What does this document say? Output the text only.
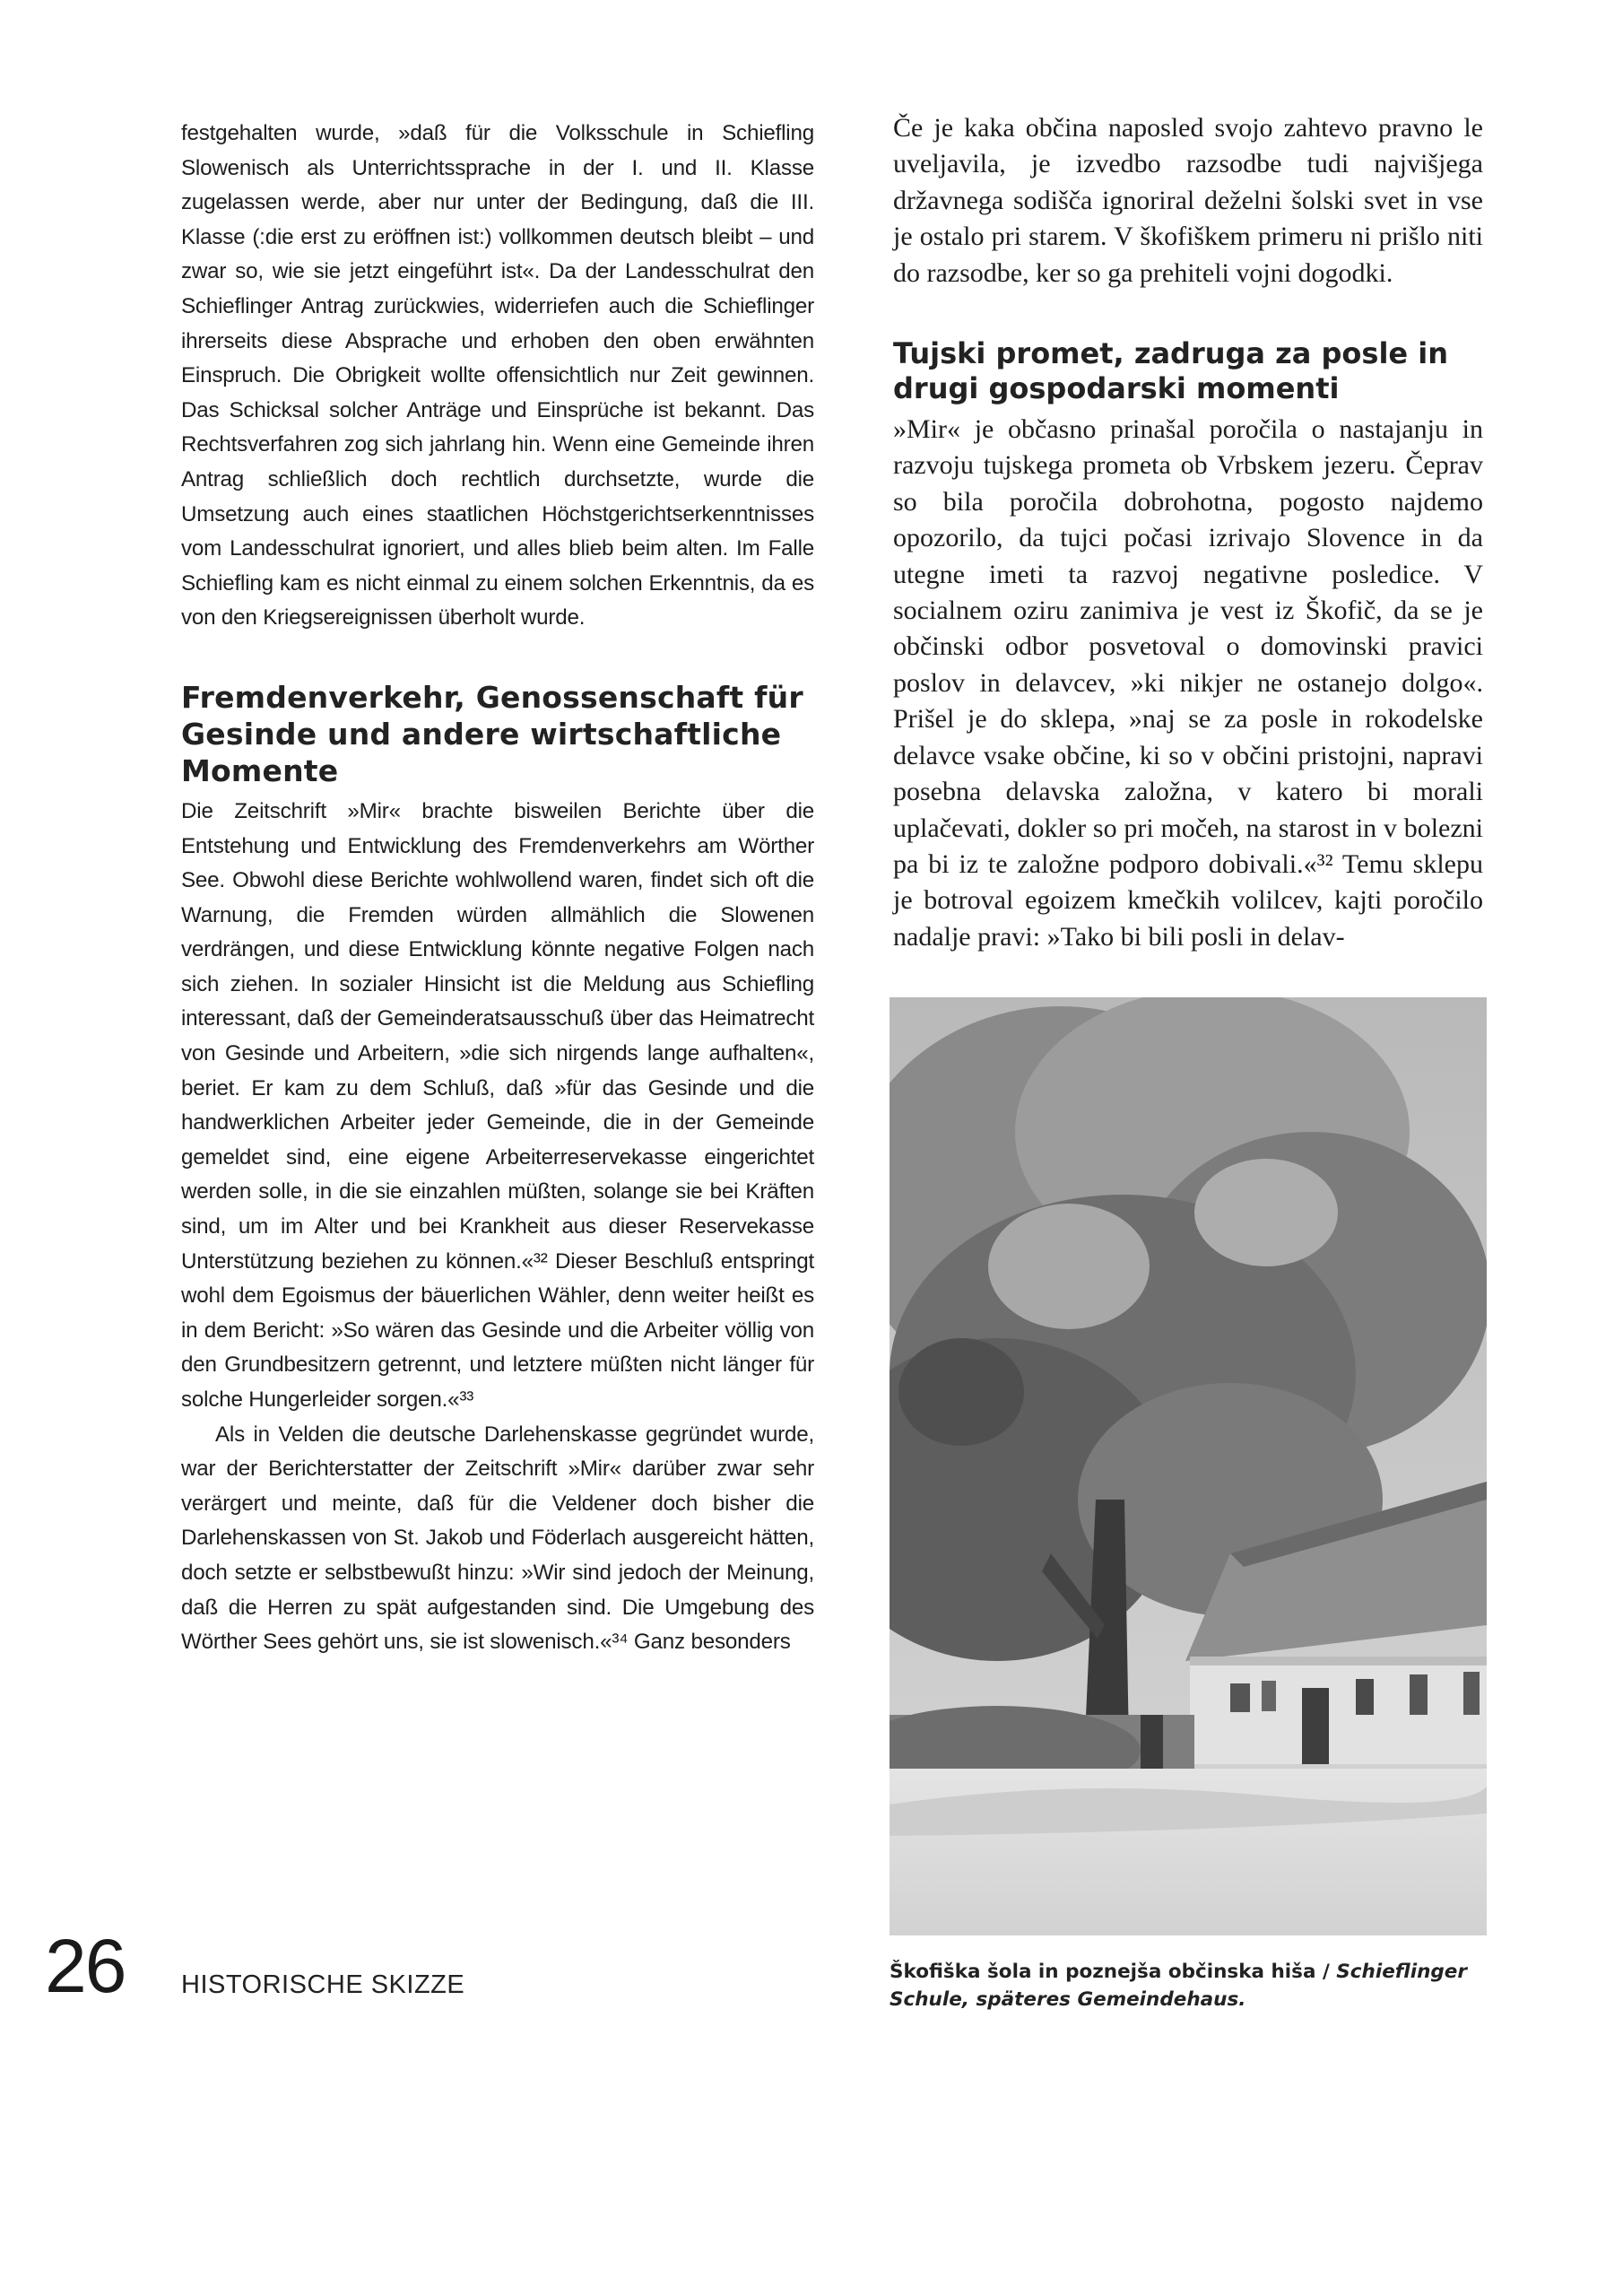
festgehalten wurde, »daß für die Volksschule in Schiefling Slowenisch als Unterrichtssprache in der I. und II. Klasse zugelassen werde, aber nur unter der Bedingung, daß die III. Klasse (:die erst zu eröffnen ist:) vollkommen deutsch bleibt – und zwar so, wie sie jetzt eingeführt ist«. Da der Landesschulrat den Schieflinger Antrag zurückwies, widerriefen auch die Schieflinger ihrerseits diese Absprache und erhoben den oben erwähnten Einspruch. Die Obrigkeit wollte offensichtlich nur Zeit gewinnen. Das Schicksal solcher Anträge und Einsprüche ist bekannt. Das Rechtsverfahren zog sich jahrlang hin. Wenn eine Gemeinde ihren Antrag schließlich doch rechtlich durchsetzte, wurde die Umsetzung auch eines staatlichen Höchstgerichtserkenntnisses vom Landesschulrat ignoriert, und alles blieb beim alten. Im Falle Schiefling kam es nicht einmal zu einem solchen Erkenntnis, da es von den Kriegsereignissen überholt wurde.

Fremdenverkehr, Genossenschaft für Gesinde und andere wirtschaftliche Momente

Die Zeitschrift »Mir« brachte bisweilen Berichte über die Entstehung und Entwicklung des Fremdenverkehrs am Wörther See. Obwohl diese Berichte wohlwollend waren, findet sich oft die Warnung, die Fremden würden allmählich die Slowenen verdrängen, und diese Entwicklung könnte negative Folgen nach sich ziehen. In sozialer Hinsicht ist die Meldung aus Schiefling interessant, daß der Gemeinderatsausschuß über das Heimatrecht von Gesinde und Arbeitern, »die sich nirgends lange aufhalten«, beriet. Er kam zu dem Schluß, daß »für das Gesinde und die handwerklichen Arbeiter jeder Gemeinde, die in der Gemeinde gemeldet sind, eine eigene Arbeiterreservekasse eingerichtet werden solle, in die sie einzahlen müßten, solange sie bei Kräften sind, um im Alter und bei Krankheit aus dieser Reservekasse Unterstützung beziehen zu können.«³² Dieser Beschluß entspringt wohl dem Egoismus der bäuerlichen Wähler, denn weiter heißt es in dem Bericht: »So wären das Gesinde und die Arbeiter völlig von den Grundbesitzern getrennt, und letztere müßten nicht länger für solche Hungerleider sorgen.«³³

Als in Velden die deutsche Darlehenskasse gegründet wurde, war der Berichterstatter der Zeitschrift »Mir« darüber zwar sehr verärgert und meinte, daß für die Veldener doch bisher die Darlehenskassen von St. Jakob und Föderlach ausgereicht hätten, doch setzte er selbstbewußt hinzu: »Wir sind jedoch der Meinung, daß die Herren zu spät aufgestanden sind. Die Umgebung des Wörther Sees gehört uns, sie ist slowenisch.«³⁴ Ganz besonders

Če je kaka občina naposled svojo zahtevo pravno le uveljavila, je izvedbo razsodbe tudi najvišjega državnega sodišča ignoriral deželni šolski svet in vse je ostalo pri starem. V škofiškem primeru ni prišlo niti do razsodbe, ker so ga prehiteli vojni dogodki.

Tujski promet, zadruga za posle in drugi gospodarski momenti

»Mir« je občasno prinašal poročila o nastajanju in razvoju tujskega prometa ob Vrbskem jezeru. Čeprav so bila poročila dobrohotna, pogosto najdemo opozorilo, da tujci počasi izrivajo Slovence in da utegne imeti ta razvoj negativne posledice. V socialnem oziru zanimiva je vest iz Škofič, da se je občinski odbor posvetoval o domovinski pravici poslov in delavcev, »ki nikjer ne ostanejo dolgo«. Prišel je do sklepa, »naj se za posle in rokodelske delavce vsake občine, ki so v občini pristojni, napravi posebna delavska založna, v katero bi morali uplačevati, dokler so pri močeh, na starost in v bolezni pa bi iz te založne podporo dobivali.«³² Temu sklepu je botroval egoizem kmečkih volilcev, kajti poročilo nadalje pravi: »Tako bi bili posli in delav-

Škofiška šola in poznejša občinska hiša / Schieflinger Schule, späteres Gemeindehaus.
26 HISTORISCHE SKIZZE
